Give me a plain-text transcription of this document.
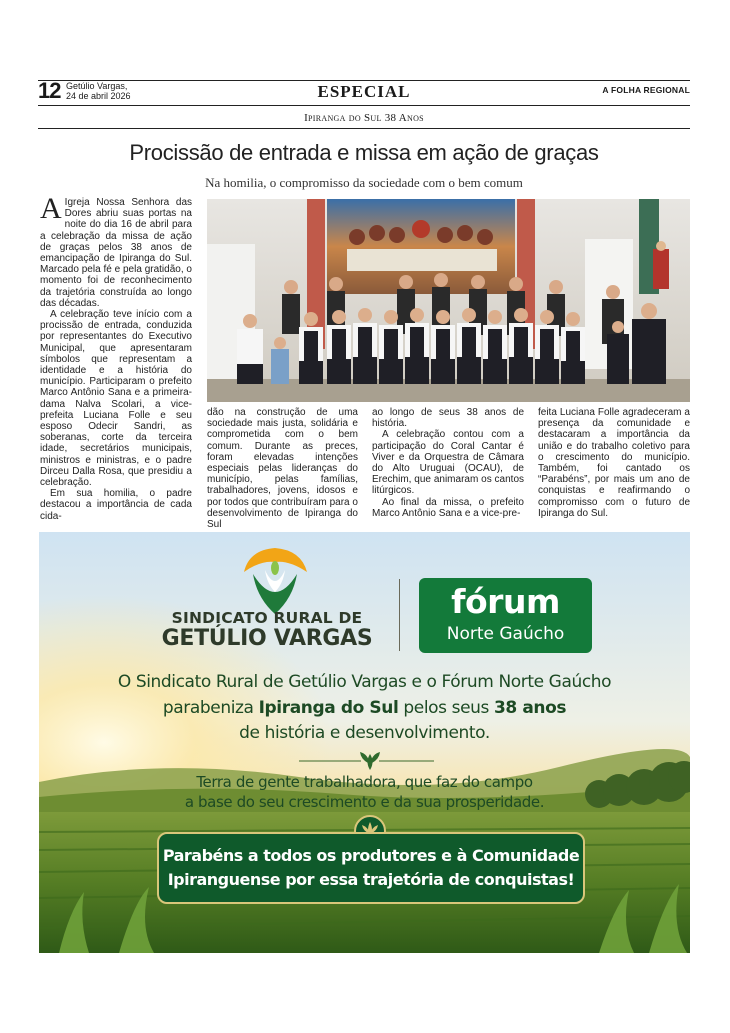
12 Getúlio Vargas,
24 de abril 2026	ESPECIAL	A FOLHA REGIONAL
Ipiranga do Sul 38 Anos
Procissão de entrada e missa em ação de graças
Na homilia, o compromisso da sociedade com o bem comum

A Igreja Nossa Senhora das Dores abriu suas portas na noite do dia 16 de abril para a celebração da missa de ação de graças pelos 38 anos de emancipação de Ipiranga do Sul. Marcado pela fé e pela gratidão, o momento foi de reconhecimento da trajetória construída ao longo das décadas.

A celebração teve início com a procissão de entrada, conduzida por representantes do Executivo Municipal, que apresentaram símbolos que representam a identidade e a história do município. Participaram o prefeito Marco Antônio Sana e a primeira-dama Nalva Scolari, a vice-prefeita Luciana Folle e seu esposo Odecir Sandri, as soberanas, corte da terceira idade, secretários municipais, ministros e ministras, e o padre Dirceu Dalla Rosa, que presidiu a celebração.

Em sua homilia, o padre destacou a importância de cada cida-

dão na construção de uma sociedade mais justa, solidária e comprometida com o bem comum. Durante as preces, foram elevadas intenções especiais pelas lideranças do município, pelas famílias, trabalhadores, jovens, idosos e por todos que contribuíram para o desenvolvimento de Ipiranga do Sul

ao longo de seus 38 anos de história.

A celebração contou com a participação do Coral Cantar é Viver e da Orquestra de Câmara do Alto Uruguai (OCAU), de Erechim, que animaram os cantos litúrgicos.

Ao final da missa, o prefeito Marco Antônio Sana e a vice-pre-

feita Luciana Folle agradeceram a presença da comunidade e destacaram a importância da união e do trabalho coletivo para o crescimento do município. Também, foi cantado os “Parabéns”, por mais um ano de conquistas e reafirmando o compromisso com o futuro de Ipiranga do Sul.

SINDICATO RURAL DE
GETÚLIO VARGAS
fórum
Norte Gaúcho
O Sindicato Rural de Getúlio Vargas e o Fórum Norte Gaúcho
parabeniza Ipiranga do Sul pelos seus 38 anos
de história e desenvolvimento.
Terra de gente trabalhadora, que faz do campo
a base do seu crescimento e da sua prosperidade.
Parabéns a todos os produtores e à Comunidade
Ipiranguense por essa trajetória de conquistas!
